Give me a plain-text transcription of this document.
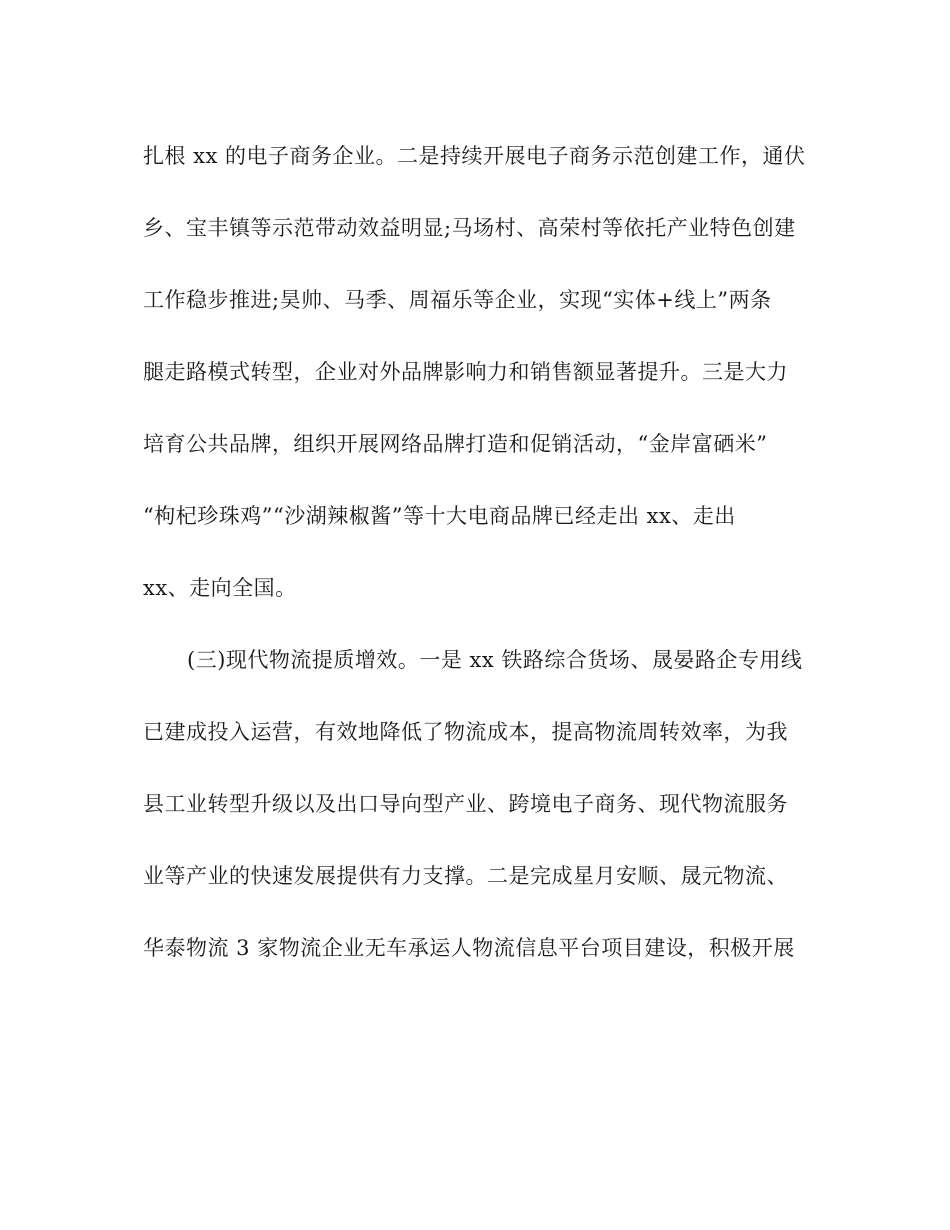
扎根 xx 的电子商务企业。二是持续开展电子商务示范创建工作，通伏
乡、宝丰镇等示范带动效益明显;马场村、高荣村等依托产业特色创建
工作稳步推进;昊帅、马季、周福乐等企业，实现“实体+线上”两条
腿走路模式转型，企业对外品牌影响力和销售额显著提升。三是大力
培育公共品牌，组织开展网络品牌打造和促销活动，“金岸富硒米”
“枸杞珍珠鸡”“沙湖辣椒酱”等十大电商品牌已经走出 xx、走出
xx、走向全国。
(三)现代物流提质增效。一是 xx 铁路综合货场、晟晏路企专用线
已建成投入运营，有效地降低了物流成本，提高物流周转效率，为我
县工业转型升级以及出口导向型产业、跨境电子商务、现代物流服务
业等产业的快速发展提供有力支撑。二是完成星月安顺、晟元物流、
华泰物流 3 家物流企业无车承运人物流信息平台项目建设，积极开展
